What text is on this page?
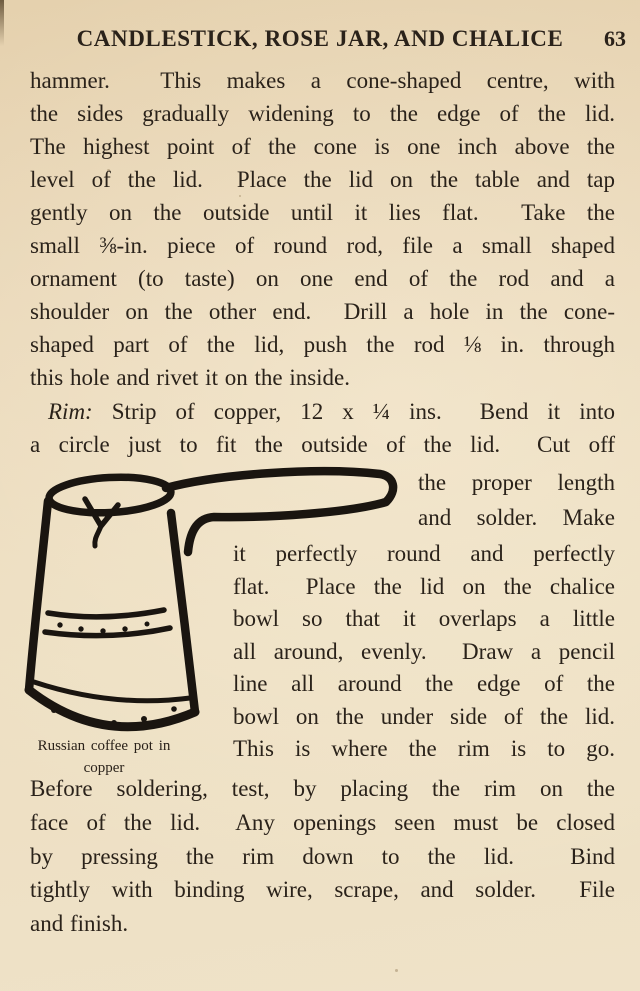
CANDLESTICK, ROSE JAR, AND CHALICE	63
hammer.  This makes a cone-shaped centre, with
the sides gradually widening to the edge of the lid.
The highest point of the cone is one inch above the
level of the lid.  Place the lid on the table and tap
gently on the outside until it lies flat.  Take the
small ⅜-in. piece of round rod, file a small shaped
ornament (to taste) on one end of the rod and a
shoulder on the other end.  Drill a hole in the cone-
shaped part of the lid, push the rod ⅛ in. through
this hole and rivet it on the inside.
Rim: Strip of copper, 12 x ¼ ins.  Bend it into
a circle just to fit the outside of the lid.  Cut off
the proper length
and solder. Make
it perfectly round and perfectly
flat.  Place the lid on the chalice
bowl so that it overlaps a little
all around, evenly.  Draw a pencil
line all around the edge of the
bowl on the under side of the lid.
This is where the rim is to go.
Before soldering, test, by placing the rim on the
face of the lid.  Any openings seen must be closed
by pressing the rim down to the lid.  Bind
tightly with binding wire, scrape, and solder.  File
and finish.
Russian coffee pot in
copper
